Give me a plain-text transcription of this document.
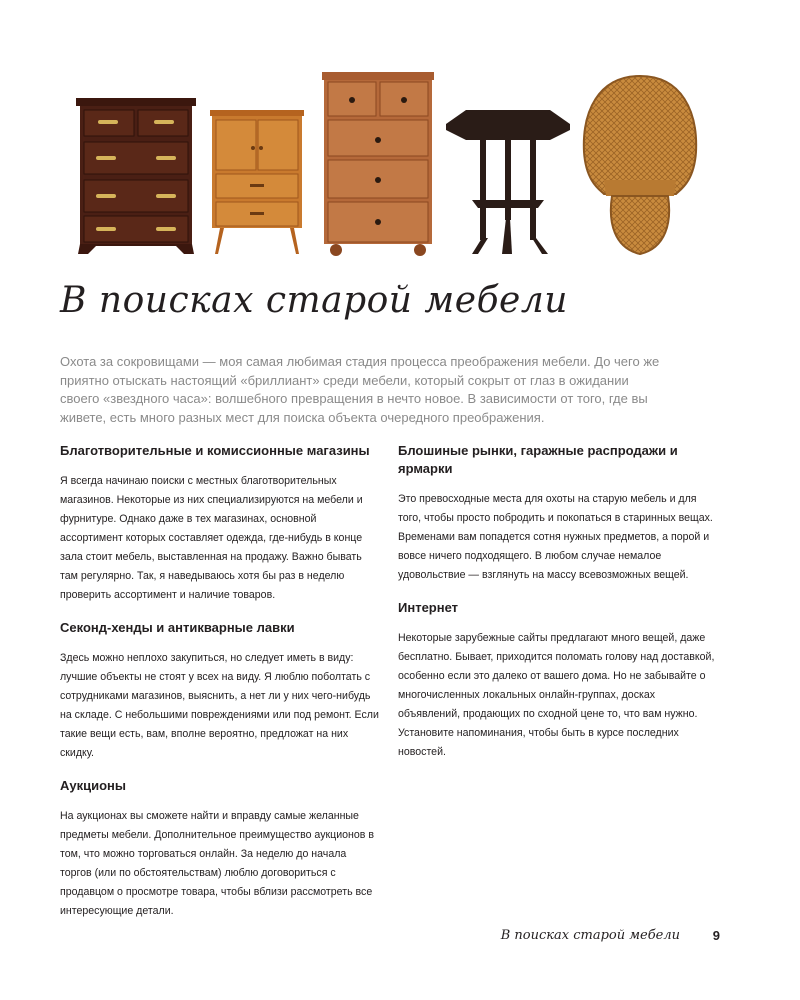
В поисках старой мебели

Охота за сокровищами — моя самая любимая стадия процесса преображения мебели. До чего же приятно отыскать настоящий «бриллиант» среди мебели, который сокрыт от глаз в ожидании своего «звездного часа»: волшебного превращения в нечто новое. В зависимости от того, где вы живете, есть много разных мест для поиска объекта очередного преображения.

Благотворительные и комиссионные магазины

Я всегда начинаю поиски с местных благотворительных магазинов. Некоторые из них специализируются на мебели и фурнитуре. Однако даже в тех магазинах, основной ассортимент которых составляет одежда, где-нибудь в конце зала стоит мебель, выставленная на продажу. Важно бывать там регулярно. Так, я наведываюсь хотя бы раз в неделю проверить ассортимент и наличие товаров.

Секонд-хенды и антикварные лавки

Здесь можно неплохо закупиться, но следует иметь в виду: лучшие объекты не стоят у всех на виду. Я люблю поболтать с сотрудниками магазинов, выяснить, а нет ли у них чего-нибудь на складе. С небольшими повреждениями или под ремонт. Если такие вещи есть, вам, вполне вероятно, предложат на них скидку.

Аукционы

На аукционах вы сможете найти и вправду самые желанные предметы мебели. Дополнительное преимущество аукционов в том, что можно торговаться онлайн. За неделю до начала торгов (или по обстоятельствам) люблю договориться с продавцом о просмотре товара, чтобы вблизи рассмотреть все интересующие детали.

Блошиные рынки, гаражные распродажи и ярмарки

Это превосходные места для охоты на старую мебель и для того, чтобы просто побродить и покопаться в старинных вещах. Временами вам попадется сотня нужных предметов, а порой и вовсе ничего подходящего. В любом случае немалое удовольствие — взглянуть на массу всевозможных вещей.

Интернет

Некоторые зарубежные сайты предлагают много вещей, даже бесплатно. Бывает, приходится поломать голову над доставкой, особенно если это далеко от вашего дома. Но не забывайте о многочисленных локальных онлайн-группах, досках объявлений, продающих по сходной цене то, что вам нужно. Установите напоминания, чтобы быть в курсе последних новостей.

В поисках старой мебели	9
